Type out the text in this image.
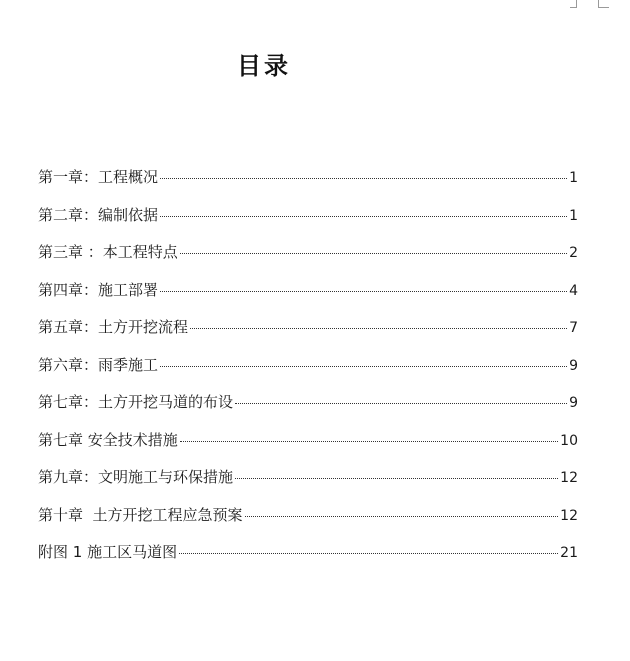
目录
第一章：工程概况	1
第二章：编制依据	1
第三章 ：本工程特点	2
第四章：施工部署	4
第五章：土方开挖流程	7
第六章：雨季施工	9
第七章：土方开挖马道的布设	9
第七章 安全技术措施	10
第九章：文明施工与环保措施	12
第十章  土方开挖工程应急预案	12
附图 1 施工区马道图	21
